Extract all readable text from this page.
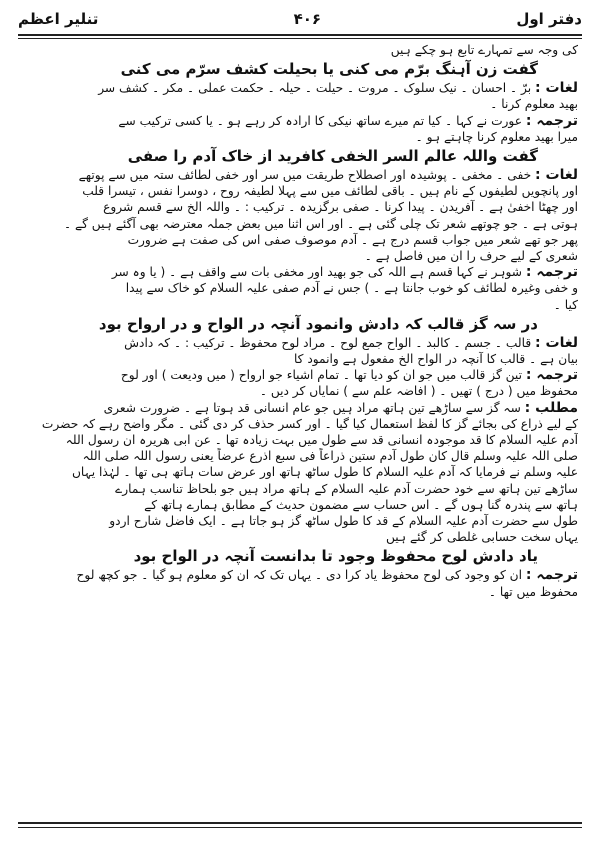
دفتر اول
۴۰۶
تنلیر اعظم
کی وجہ سے تمہارے تابع ہو چکے ہیں
گفت زن آہنگ برّم می کنی یا بحیلت کشف سرّم می کنی
لغات : برّ ۔ احسان ۔ نیک سلوک ۔ مروت ۔ حیلت ۔ حیلہ ۔ حکمت عملی ۔ مکر ۔ کشف سر
بھید معلوم کرنا ۔
ترجمہ : عورت نے کہا ۔ کیا تم میرے ساتھ نیکی کا ارادہ کر رہے ہو ۔ یا کسی ترکیب سے
میرا بھید معلوم کرنا چاہتے ہو ۔
گفت واللہ عالم السر الخفی کافرید از خاک آدم را صفی
لغات : خفی ۔ مخفی ۔ پوشیدہ اور اصطلاح طریقت میں سر اور خفی لطائف ستہ میں سے پوتھے
اور پانچویں لطیفوں کے نام ہیں ۔ باقی لطائف میں سے پہلا لطیفہ روح ، دوسرا نفس ، تیسرا قلب
اور چھٹا اخفیٰ ہے ۔ آفریدن ۔ پیدا کرنا ۔ صفی برگزیدہ ۔ ترکیب : ۔ واللہ الخ سے قسم شروع
ہوتی ہے ۔ جو چوتھے شعر تک چلی گئی ہے ۔ اور اس اثنا میں بعض جملہ معترضہ بھی آگئے ہیں گے ۔
پھر جو تھے شعر میں جواب قسم درج ہے ۔ آدم موصوف صفی اس کی صفت ہے ضرورت
شعری کے لیے حرف را ان میں فاصل ہے ۔
ترجمہ : شوہر نے کہا قسم ہے اللہ کی جو بھید اور مخفی بات سے واقف ہے ۔ ( یا وہ سر
و خفی وغیرہ لطائف کو خوب جانتا ہے ۔ ) جس نے آدم صفی علیہ السلام کو خاک سے پیدا
کیا ۔
در سہ گز قالب کہ دادش وانمود آنچہ در الواح و در ارواح بود
لغات : قالب ۔ جسم ۔ کالبد ۔ الواح جمع لوح ۔ مراد لوح محفوظ ۔ ترکیب : ۔ کہ دادش
بیان ہے ۔ قالب کا آنچہ در الواح الخ مفعول ہے وانمود کا
ترجمہ : تین گز قالب میں جو ان کو دیا تھا ۔ تمام اشیاء جو ارواح ( میں ودیعت ) اور لوح
محفوظ میں ( درج ) تھیں ۔ ( افاضہ علم سے ) نمایاں کر دیں ۔
مطلب : سہ گز سے ساڑھے تین ہاتھ مراد ہیں جو عام انسانی قد ہوتا ہے ۔ ضرورت شعری
کے لیے ذراع کی بجائے گز کا لفظ استعمال کیا گیا ۔ اور کسر حذف کر دی گئی ۔ مگر واضح رہے کہ حضرت
آدم علیہ السلام کا قد موجودہ انسانی قد سے طول میں بہت زیادہ تھا ۔ عن ابی ھریرہ ان رسول اللہ
صلی اللہ علیہ وسلم قال کان طول آدم ستین ذراعاً فی سبع اذرع عرضاً یعنی رسول اللہ صلی اللہ
علیہ وسلم نے فرمایا کہ آدم علیہ السلام کا طول ساٹھ ہاتھ اور عرض سات ہاتھ ہی تھا ۔ لہٰذا یہاں
ساڑھے تین ہاتھ سے خود حضرت آدم علیہ السلام کے ہاتھ مراد ہیں جو بلحاظ تناسب ہمارے
ہاتھ سے پندرہ گنا ہوں گے ۔ اس حساب سے مضمون حدیث کے مطابق ہمارے ہاتھ کے
طول سے حضرت آدم علیہ السلام کے قد کا طول ساٹھ گز ہو جاتا ہے ۔ ایک فاضل شارح اردو
یہاں سخت حسابی غلطی کر گئے ہیں
یاد دادش لوح محفوظ وجود تا بدانست آنچہ در الواح بود
ترجمہ : ان کو وجود کی لوح محفوظ یاد کرا دی ۔ یہاں تک کہ ان کو معلوم ہو گیا ۔ جو کچھ لوح
محفوظ میں تھا ۔
